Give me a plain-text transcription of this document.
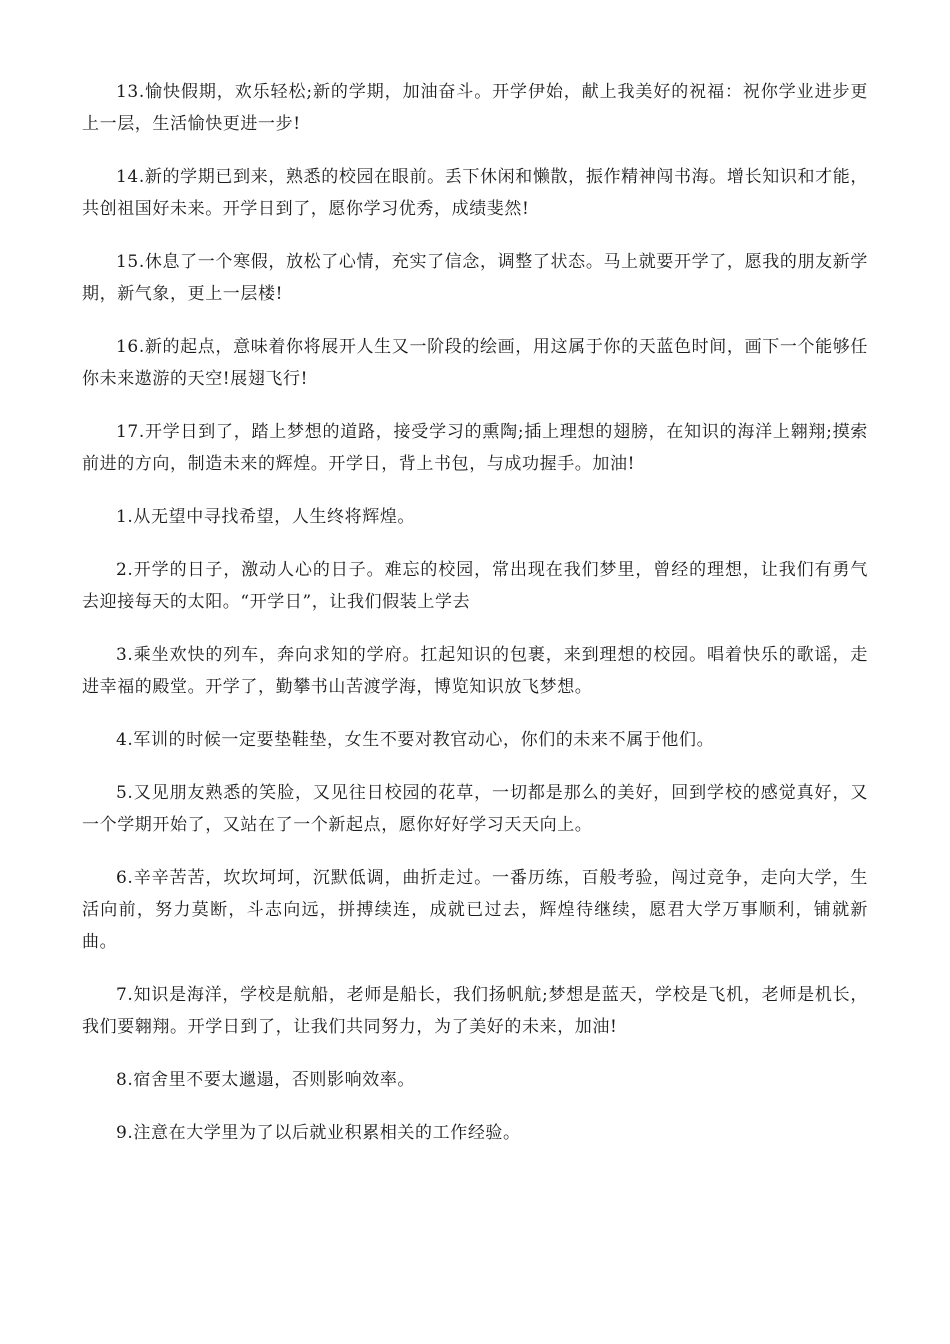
13.愉快假期，欢乐轻松;新的学期，加油奋斗。开学伊始，献上我美好的祝福：祝你学业进步更上一层，生活愉快更进一步!

14.新的学期已到来，熟悉的校园在眼前。丢下休闲和懒散，振作精神闯书海。增长知识和才能，共创祖国好未来。开学日到了，愿你学习优秀，成绩斐然!

15.休息了一个寒假，放松了心情，充实了信念，调整了状态。马上就要开学了，愿我的朋友新学期，新气象，更上一层楼!

16.新的起点，意味着你将展开人生又一阶段的绘画，用这属于你的天蓝色时间，画下一个能够任你未来遨游的天空!展翅飞行!

17.开学日到了，踏上梦想的道路，接受学习的熏陶;插上理想的翅膀，在知识的海洋上翱翔;摸索前进的方向，制造未来的辉煌。开学日，背上书包，与成功握手。加油!

1.从无望中寻找希望，人生终将辉煌。

2.开学的日子，激动人心的日子。难忘的校园，常出现在我们梦里，曾经的理想，让我们有勇气去迎接每天的太阳。“开学日”，让我们假装上学去

3.乘坐欢快的列车，奔向求知的学府。扛起知识的包裹，来到理想的校园。唱着快乐的歌谣，走进幸福的殿堂。开学了，勤攀书山苦渡学海，博览知识放飞梦想。

4.军训的时候一定要垫鞋垫，女生不要对教官动心，你们的未来不属于他们。

5.又见朋友熟悉的笑脸，又见往日校园的花草，一切都是那么的美好，回到学校的感觉真好，又一个学期开始了，又站在了一个新起点，愿你好好学习天天向上。

6.辛辛苦苦，坎坎坷坷，沉默低调，曲折走过。一番历练，百般考验，闯过竞争，走向大学，生活向前，努力莫断，斗志向远，拼搏续连，成就已过去，辉煌待继续，愿君大学万事顺利，铺就新曲。

7.知识是海洋，学校是航船，老师是船长，我们扬帆航;梦想是蓝天，学校是飞机，老师是机长，我们要翱翔。开学日到了，让我们共同努力，为了美好的未来，加油!

8.宿舍里不要太邋遢，否则影响效率。

9.注意在大学里为了以后就业积累相关的工作经验。
